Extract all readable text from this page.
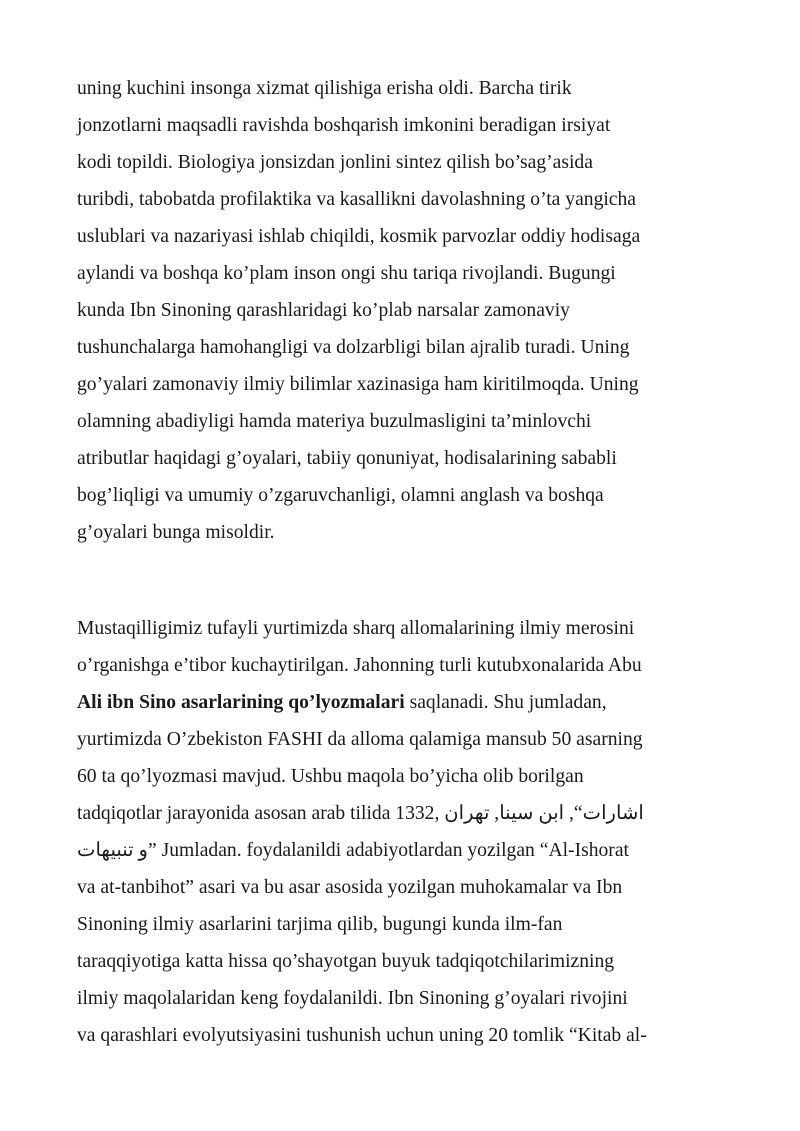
uning kuchini insonga xizmat qilishiga erisha oldi. Barcha tirik
jonzotlarni maqsadli ravishda boshqarish imkonini beradigan irsiyat
kodi topildi. Biologiya jonsizdan jonlini sintez qilish bo’sag’asida
turibdi, tabobatda profilaktika va kasallikni davolashning o’ta yangicha
uslublari va nazariyasi ishlab chiqildi, kosmik parvozlar oddiy hodisaga
aylandi va boshqa ko’plam inson ongi shu tariqa rivojlandi. Bugungi
kunda Ibn Sinoning qarashlaridagi ko’plab narsalar zamonaviy
tushunchalarga hamohangligi va dolzarbligi bilan ajralib turadi. Uning
go’yalari zamonaviy ilmiy bilimlar xazinasiga ham kiritilmoqda. Uning
olamning abadiyligi hamda materiya buzulmasligini ta’minlovchi
atributlar haqidagi g’oyalari, tabiiy qonuniyat, hodisalarining sababli
bog’liqligi va umumiy o’zgaruvchanligi, olamni anglash va boshqa
g’oyalari bunga misoldir.
Mustaqilligimiz tufayli yurtimizda sharq allomalarining ilmiy merosini
o’rganishga e’tibor kuchaytirilgan. Jahonning turli kutubxonalarida Abu
Ali ibn Sino asarlarining qo’lyozmalari saqlanadi. Shu jumladan,
yurtimizda O’zbekiston FASHI da alloma qalamiga mansub 50 asarning
60 ta qo’lyozmasi mavjud. Ushbu maqola bo’yicha olib borilgan
tadqiqotlar jarayonida asosan arab tilida 1332, اشارات“, ابن سينا, تهران
و تنبيهات” Jumladan. foydalanildi adabiyotlardan yozilgan “Al-Ishorat
va at-tanbihot” asari va bu asar asosida yozilgan muhokamalar va Ibn
Sinoning ilmiy asarlarini tarjima qilib, bugungi kunda ilm-fan
taraqqiyotiga katta hissa qo’shayotgan buyuk tadqiqotchilarimizning
ilmiy maqolalaridan keng foydalanildi. Ibn Sinoning g’oyalari rivojini
va qarashlari evolyutsiyasini tushunish uchun uning 20 tomlik “Kitab al-
